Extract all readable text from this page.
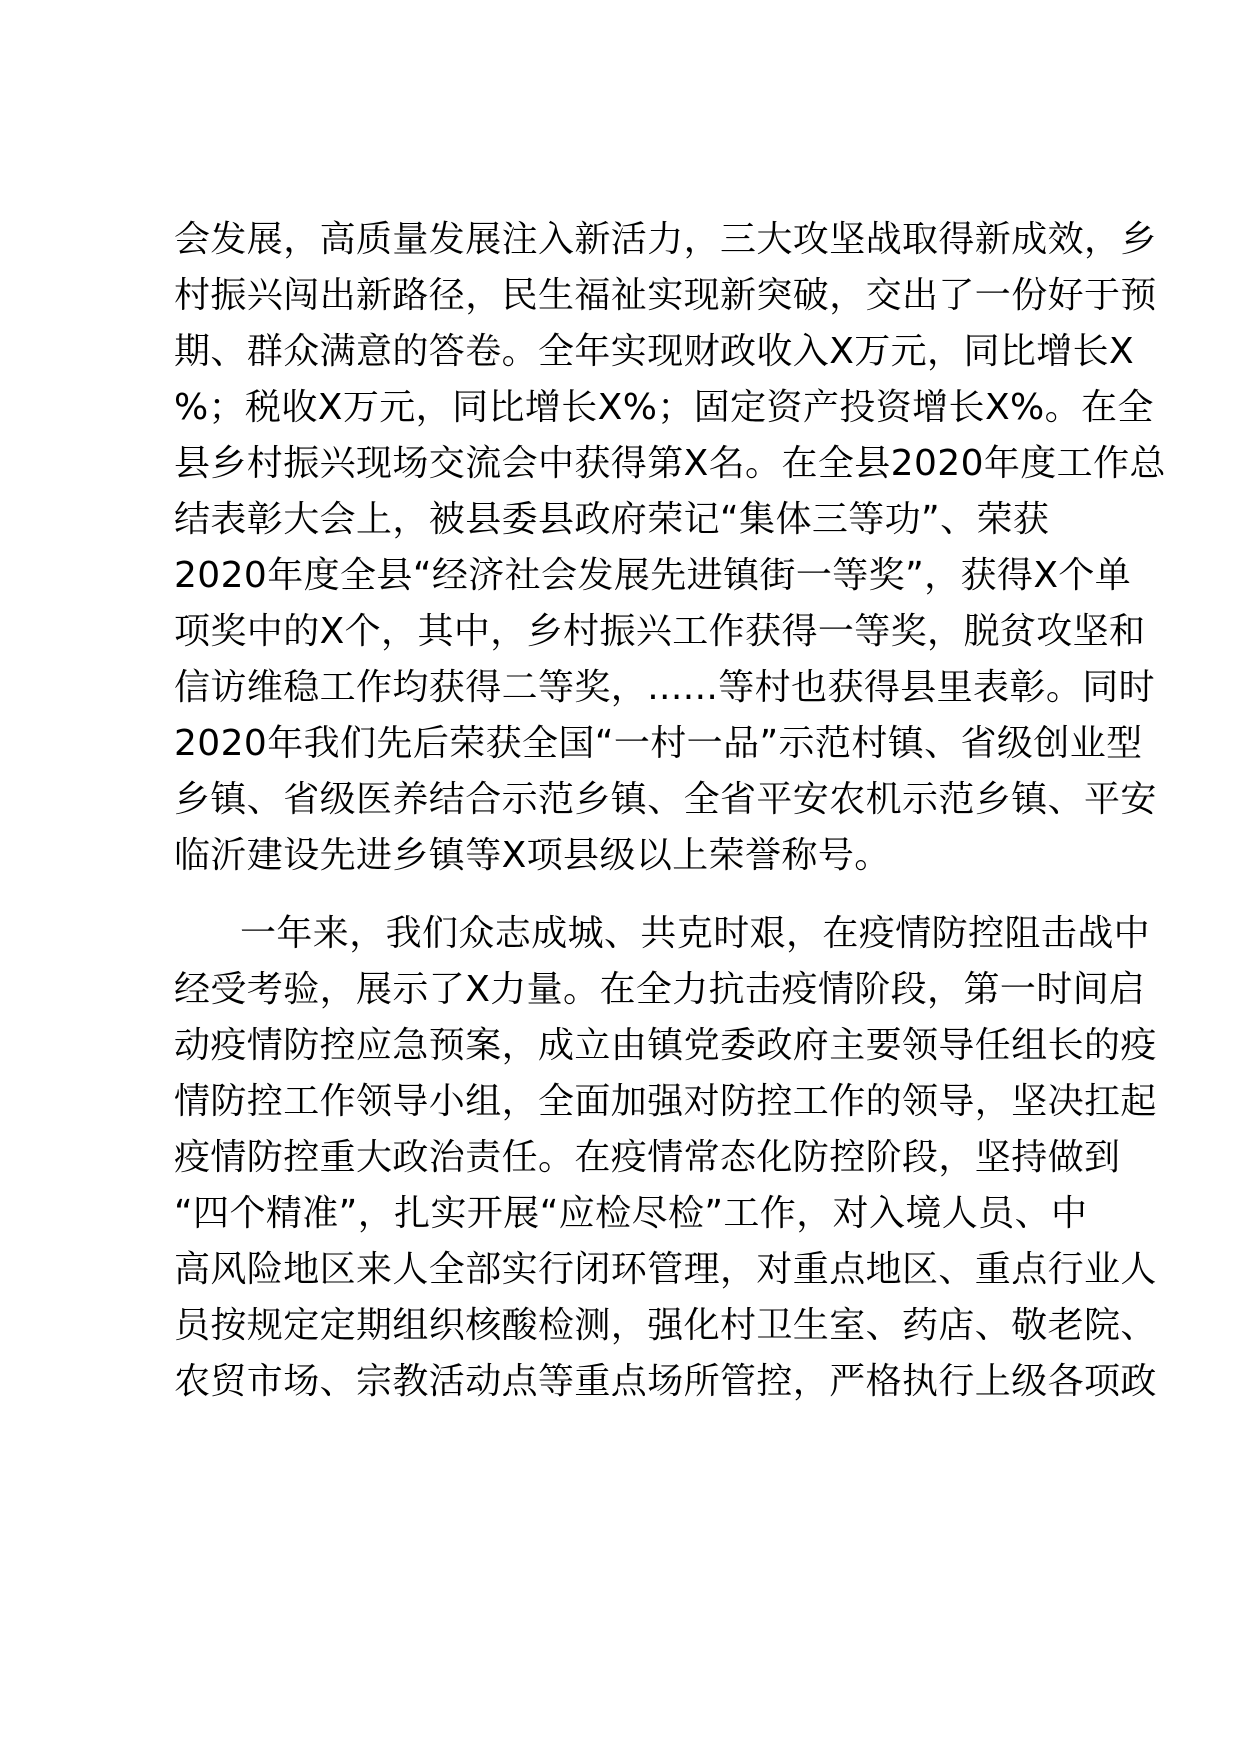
会发展，高质量发展注入新活力，三大攻坚战取得新成效，乡
村振兴闯出新路径，民生福祉实现新突破，交出了一份好于预
期、群众满意的答卷。全年实现财政收入X万元，同比增长X
%；税收X万元，同比增长X%；固定资产投资增长X%。在全
县乡村振兴现场交流会中获得第X名。在全县2020年度工作总
结表彰大会上，被县委县政府荣记“集体三等功”、荣获
2020年度全县“经济社会发展先进镇街一等奖”，获得X个单
项奖中的X个，其中，乡村振兴工作获得一等奖，脱贫攻坚和
信访维稳工作均获得二等奖，......等村也获得县里表彰。同时
2020年我们先后荣获全国“一村一品”示范村镇、省级创业型
乡镇、省级医养结合示范乡镇、全省平安农机示范乡镇、平安
临沂建设先进乡镇等X项县级以上荣誉称号。
一年来，我们众志成城、共克时艰，在疫情防控阻击战中
经受考验，展示了X力量。在全力抗击疫情阶段，第一时间启
动疫情防控应急预案，成立由镇党委政府主要领导任组长的疫
情防控工作领导小组，全面加强对防控工作的领导，坚决扛起
疫情防控重大政治责任。在疫情常态化防控阶段，坚持做到
“四个精准”，扎实开展“应检尽检”工作，对入境人员、中
高风险地区来人全部实行闭环管理，对重点地区、重点行业人
员按规定定期组织核酸检测，强化村卫生室、药店、敬老院、
农贸市场、宗教活动点等重点场所管控，严格执行上级各项政
